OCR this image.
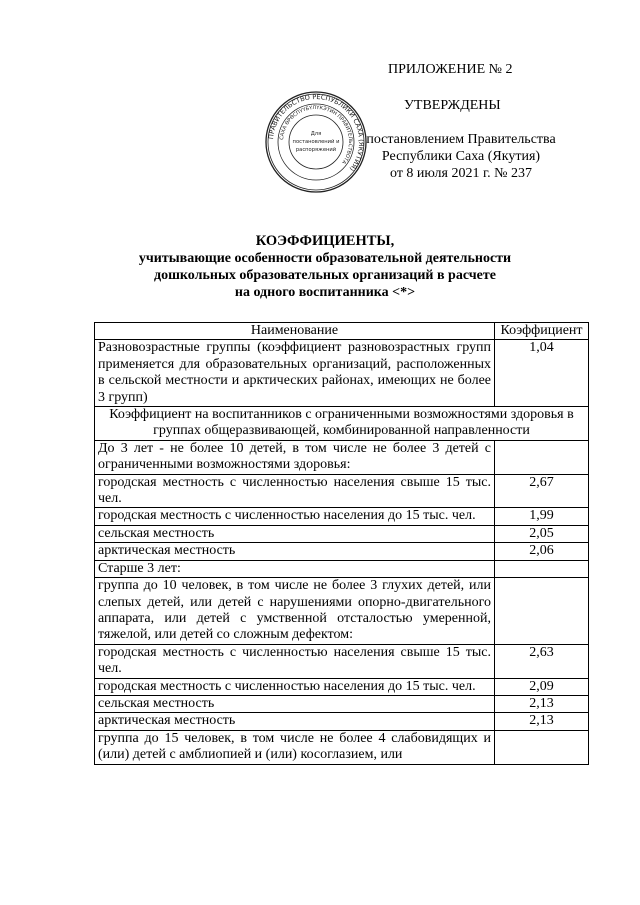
ПРИЛОЖЕНИЕ № 2
УТВЕРЖДЕНЫ
постановлением Правительства
Республики Саха (Якутия)
от 8 июля 2021 г. № 237
ПРАВИТЕЛЬСТВО РЕСПУБЛИКИ САХА (ЯКУТИЯ)
САХА ӨРӨСПҮҮБҮЛҮКЭТИН ПРАВИТЕЛЬСТВОТА
Для
постановлений и
распоряжений
КОЭФФИЦИЕНТЫ,
учитывающие особенности образовательной деятельности
дошкольных образовательных организаций в расчете
на одного воспитанника <*>
Наименование	Коэффициент
Разновозрастные группы (коэффициент разновозрастных групп применяется для образовательных организаций, расположенных в сельской местности и арктических районах, имеющих не более 3 групп)	1,04
Коэффициент на воспитанников с ограниченными возможностями здоровья в группах общеразвивающей, комбинированной направленности	
До 3 лет - не более 10 детей, в том числе не более 3 детей с ограниченными возможностями здоровья:	
городская местность с численностью населения свыше 15 тыс. чел.	2,67
городская местность с численностью населения до 15 тыс. чел.	1,99
сельская местность	2,05
арктическая местность	2,06
Старше 3 лет:	
группа до 10 человек, в том числе не более 3 глухих детей, или слепых детей, или детей с нарушениями опорно-двигательного аппарата, или детей с умственной отсталостью умеренной, тяжелой, или детей со сложным дефектом:	
городская местность с численностью населения свыше 15 тыс. чел.	2,63
городская местность с численностью населения до 15 тыс. чел.	2,09
сельская местность	2,13
арктическая местность	2,13
группа до 15 человек, в том числе не более 4 слабовидящих и (или) детей с амблиопией и (или) косоглазием, или	
